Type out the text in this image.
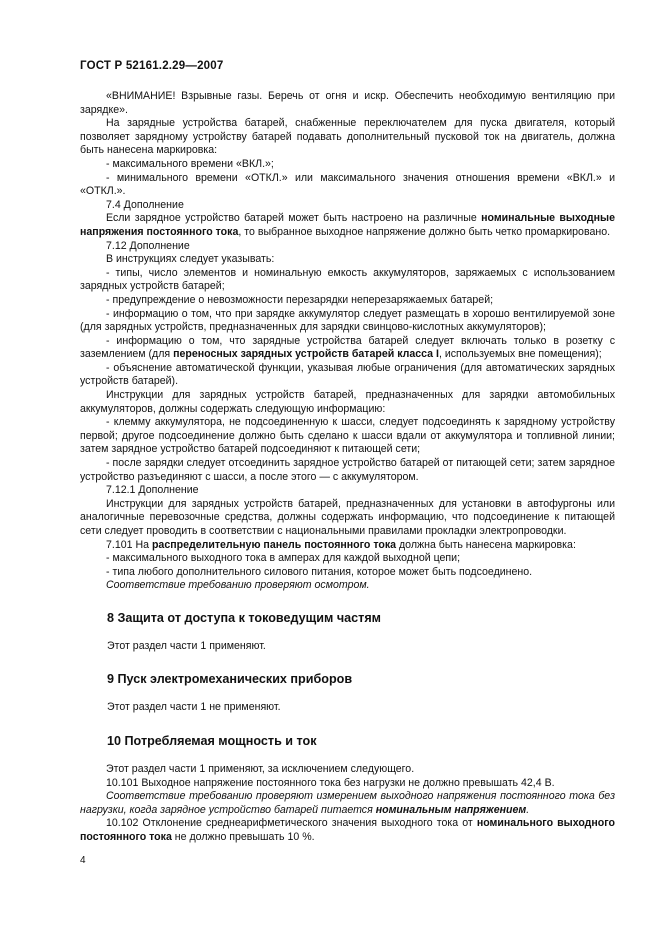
ГОСТ Р 52161.2.29—2007

«ВНИМАНИЕ! Взрывные газы. Беречь от огня и искр. Обеспечить необходимую вентиляцию при зарядке».

На зарядные устройства батарей, снабженные переключателем для пуска двигателя, который позволяет зарядному устройству батарей подавать дополнительный пусковой ток на двигатель, должна быть нанесена маркировка:

- максимального времени «ВКЛ.»;

- минимального времени «ОТКЛ.» или максимального значения отношения времени «ВКЛ.» и «ОТКЛ.».

7.4 Дополнение

Если зарядное устройство батарей может быть настроено на различные номинальные выходные напряжения постоянного тока, то выбранное выходное напряжение должно быть четко промаркировано.

7.12 Дополнение

В инструкциях следует указывать:

- типы, число элементов и номинальную емкость аккумуляторов, заряжаемых с использованием зарядных устройств батарей;

- предупреждение о невозможности перезарядки неперезаряжаемых батарей;

- информацию о том, что при зарядке аккумулятор следует размещать в хорошо вентилируемой зоне (для зарядных устройств, предназначенных для зарядки свинцово-кислотных аккумуляторов);

- информацию о том, что зарядные устройства батарей следует включать только в розетку с заземлением (для переносных зарядных устройств батарей класса I, используемых вне помещения);

- объяснение автоматической функции, указывая любые ограничения (для автоматических зарядных устройств батарей).

Инструкции для зарядных устройств батарей, предназначенных для зарядки автомобильных аккумуляторов, должны содержать следующую информацию:

- клемму аккумулятора, не подсоединенную к шасси, следует подсоединять к зарядному устройству первой; другое подсоединение должно быть сделано к шасси вдали от аккумулятора и топливной линии; затем зарядное устройство батарей подсоединяют к питающей сети;

- после зарядки следует отсоединить зарядное устройство батарей от питающей сети; затем зарядное устройство разъединяют с шасси, а после этого — с аккумулятором.

7.12.1 Дополнение

Инструкции для зарядных устройств батарей, предназначенных для установки в автофургоны или аналогичные перевозочные средства, должны содержать информацию, что подсоединение к питающей сети следует проводить в соответствии с национальными правилами прокладки электропроводки.

7.101 На распределительную панель постоянного тока должна быть нанесена маркировка:

- максимального выходного тока в амперах для каждой выходной цепи;

- типа любого дополнительного силового питания, которое может быть подсоединено.

Соответствие требованию проверяют осмотром.

8 Защита от доступа к токоведущим частям
Этот раздел части 1 применяют.
9 Пуск электромеханических приборов
Этот раздел части 1 не применяют.
10 Потребляемая мощность и ток

Этот раздел части 1 применяют, за исключением следующего.

10.101 Выходное напряжение постоянного тока без нагрузки не должно превышать 42,4 В.

Соответствие требованию проверяют измерением выходного напряжения постоянного тока без нагрузки, когда зарядное устройство батарей питается номинальным напряжением.

10.102 Отклонение среднеарифметического значения выходного тока от номинального выходного постоянного тока не должно превышать 10 %.

4
